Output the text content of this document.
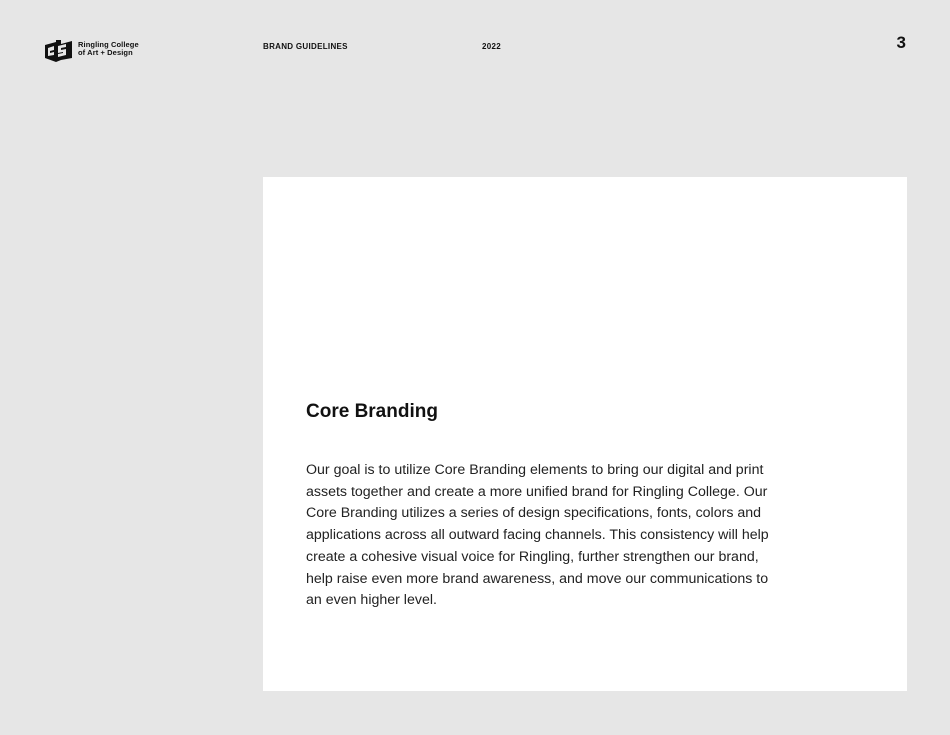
Ringling College
of Art + Design
BRAND GUIDELINES	2022	3
Core Branding

Our goal is to utilize Core Branding elements to bring our digital and print assets together and create a more unified brand for Ringling College. Our Core Branding utilizes a series of design specifications, fonts, colors and applications across all outward facing channels. This consistency will help create a cohesive visual voice for Ringling, further strengthen our brand, help raise even more brand awareness, and move our communications to an even higher level.
